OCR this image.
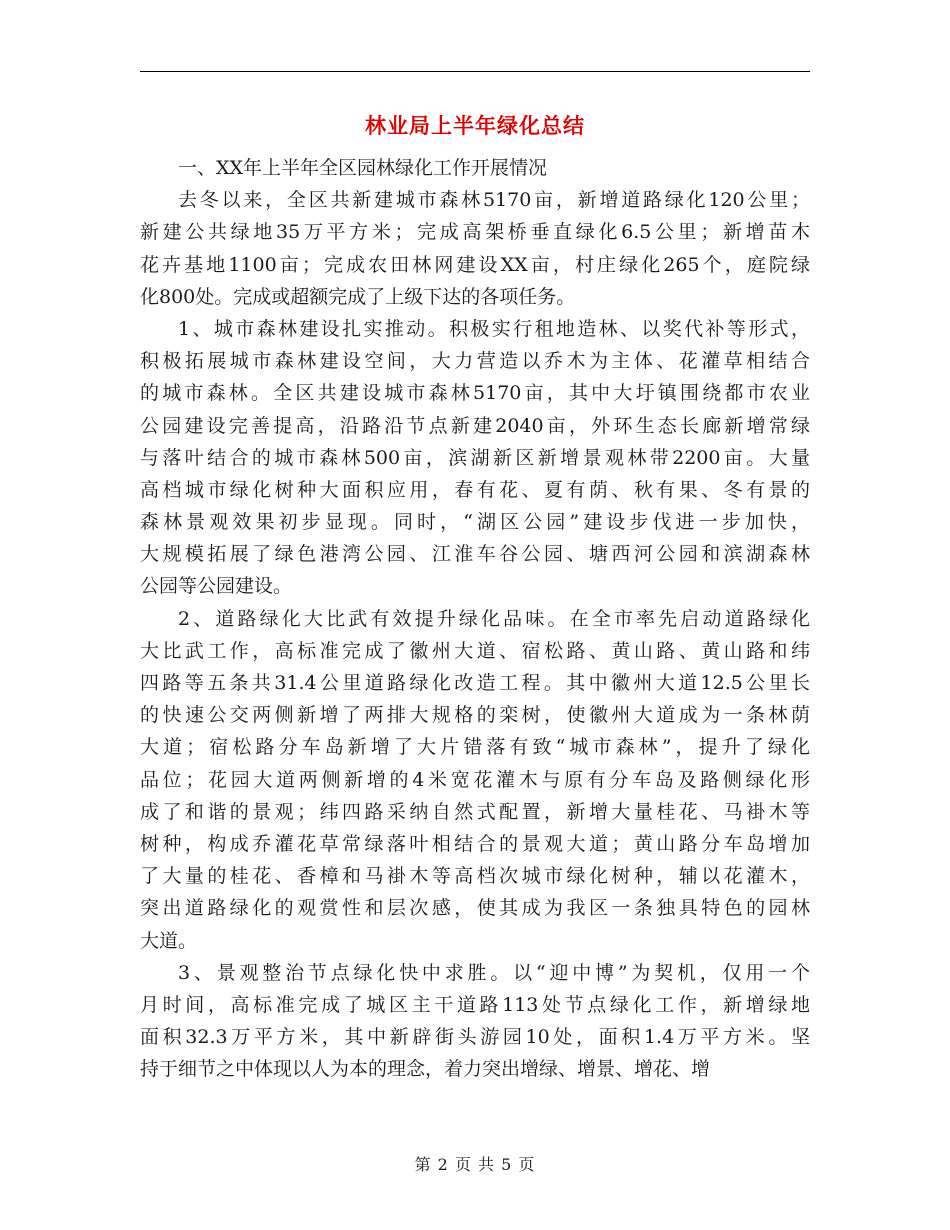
林业局上半年绿化总结
一、XX年上半年全区园林绿化工作开展情况
去冬以来，全区共新建城市森林5170亩，新增道路绿化120公里；
新建公共绿地35万平方米；完成高架桥垂直绿化6.5公里；新增苗木
花卉基地1100亩；完成农田林网建设XX亩，村庄绿化265个，庭院绿
化800处。完成或超额完成了上级下达的各项任务。
1、城市森林建设扎实推动。积极实行租地造林、以奖代补等形式，
积极拓展城市森林建设空间，大力营造以乔木为主体、花灌草相结合
的城市森林。全区共建设城市森林5170亩，其中大圩镇围绕都市农业
公园建设完善提高，沿路沿节点新建2040亩，外环生态长廊新增常绿
与落叶结合的城市森林500亩，滨湖新区新增景观林带2200亩。大量
高档城市绿化树种大面积应用，春有花、夏有荫、秋有果、冬有景的
森林景观效果初步显现。同时，“湖区公园”建设步伐进一步加快，
大规模拓展了绿色港湾公园、江淮车谷公园、塘西河公园和滨湖森林
公园等公园建设。
2、道路绿化大比武有效提升绿化品味。在全市率先启动道路绿化
大比武工作，高标准完成了徽州大道、宿松路、黄山路、黄山路和纬
四路等五条共31.4公里道路绿化改造工程。其中徽州大道12.5公里长
的快速公交两侧新增了两排大规格的栾树，使徽州大道成为一条林荫
大道；宿松路分车岛新增了大片错落有致“城市森林”，提升了绿化
品位；花园大道两侧新增的4米宽花灌木与原有分车岛及路侧绿化形
成了和谐的景观；纬四路采纳自然式配置，新增大量桂花、马褂木等
树种，构成乔灌花草常绿落叶相结合的景观大道；黄山路分车岛增加
了大量的桂花、香樟和马褂木等高档次城市绿化树种，辅以花灌木，
突出道路绿化的观赏性和层次感，使其成为我区一条独具特色的园林
大道。
3、景观整治节点绿化快中求胜。以“迎中博”为契机，仅用一个
月时间，高标准完成了城区主干道路113处节点绿化工作，新增绿地
面积32.3万平方米，其中新辟街头游园10处，面积1.4万平方米。坚
持于细节之中体现以人为本的理念，着力突出增绿、增景、增花、增
第 2 页 共 5 页
